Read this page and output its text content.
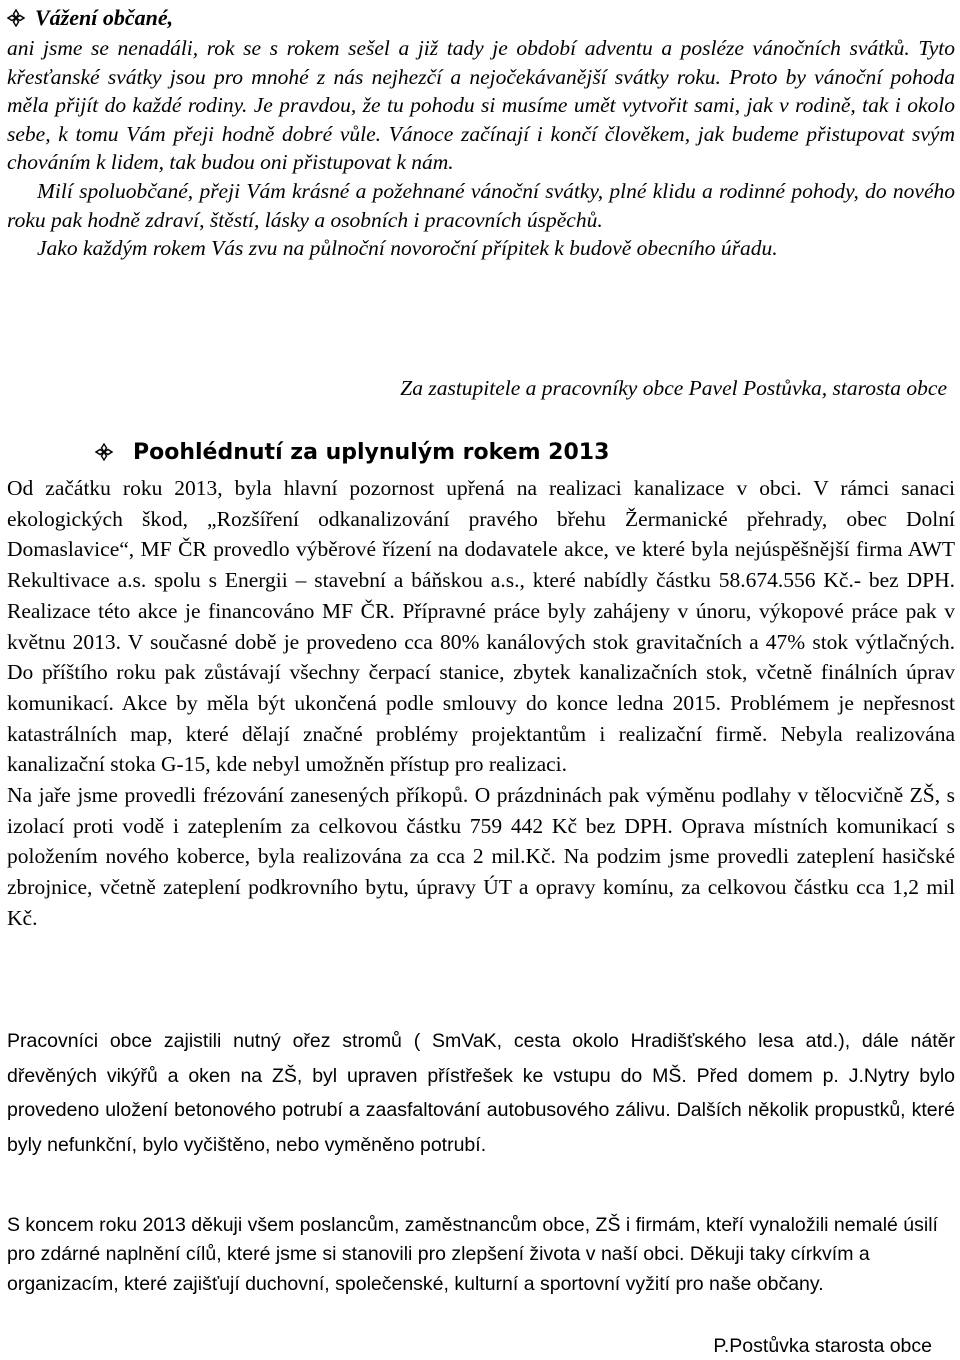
Vážení občané,

ani jsme se nenadáli, rok se s rokem sešel a již tady je období adventu a posléze vánočních svátků. Tyto křesťanské svátky jsou pro mnohé z nás nejhezčí a nejočekávanější svátky roku. Proto by vánoční pohoda měla přijít do každé rodiny. Je pravdou, že tu pohodu si musíme umět vytvořit sami, jak v rodině, tak i okolo sebe, k tomu Vám přeji hodně dobré vůle. Vánoce začínají i končí člověkem, jak budeme přistupovat svým chováním k lidem, tak budou oni přistupovat k nám.

Milí spoluobčané, přeji Vám krásné a požehnané vánoční svátky, plné klidu a rodinné pohody, do nového roku pak hodně zdraví, štěstí, lásky a osobních i pracovních úspěchů.

Jako každým rokem Vás zvu na půlnoční novoroční přípitek k budově obecního úřadu.

Za zastupitele a pracovníky obce Pavel Postůvka, starosta obce
Poohlédnutí za uplynulým rokem 2013

Od začátku roku 2013, byla hlavní pozornost upřená na realizaci kanalizace v obci. V rámci sanaci ekologických škod, „Rozšíření odkanalizování pravého břehu Žermanické přehrady, obec Dolní Domaslavice“, MF ČR provedlo výběrové řízení na dodavatele akce, ve které byla nejúspěšnější firma AWT Rekultivace a.s. spolu s Energii – stavební a báňskou a.s., které nabídly částku 58.674.556 Kč.- bez DPH. Realizace této akce je financováno MF ČR. Přípravné práce byly zahájeny v únoru, výkopové práce pak v květnu 2013. V současné době je provedeno cca 80% kanálových stok gravitačních a 47% stok výtlačných. Do příštího roku pak zůstávají všechny čerpací stanice, zbytek kanalizačních stok, včetně finálních úprav komunikací. Akce by měla být ukončená podle smlouvy do konce ledna 2015. Problémem je nepřesnost katastrálních map, které dělají značné problémy projektantům i realizační firmě. Nebyla realizována kanalizační stoka G-15, kde nebyl umožněn přístup pro realizaci.

Na jaře jsme provedli frézování zanesených příkopů. O prázdninách pak výměnu podlahy v tělocvičně ZŠ, s izolací proti vodě i zateplením za celkovou částku 759 442 Kč bez DPH. Oprava místních komunikací s položením nového koberce, byla realizována za cca 2 mil.Kč. Na podzim jsme provedli zateplení hasičské zbrojnice, včetně zateplení podkrovního bytu, úpravy ÚT a opravy komínu, za celkovou částku cca 1,2 mil Kč.

Pracovníci obce zajistili nutný ořez stromů ( SmVaK, cesta okolo Hradišťského lesa atd.), dále nátěr dřevěných vikýřů a oken na ZŠ, byl upraven přístřešek ke vstupu do MŠ. Před domem p. J.Nytry bylo provedeno uložení betonového potrubí a zaasfaltování autobusového zálivu. Dalších několik propustků, které byly nefunkční, bylo vyčištěno, nebo vyměněno potrubí.

S koncem roku 2013 děkuji všem poslancům, zaměstnancům obce, ZŠ i firmám, kteří vynaložili nemalé úsilí pro zdárné naplnění cílů, které jsme si stanovili pro zlepšení života v naší obci. Děkuji taky církvím a organizacím, které zajišťují duchovní, společenské, kulturní a sportovní vyžití pro naše občany.

P.Postůvka starosta obce
